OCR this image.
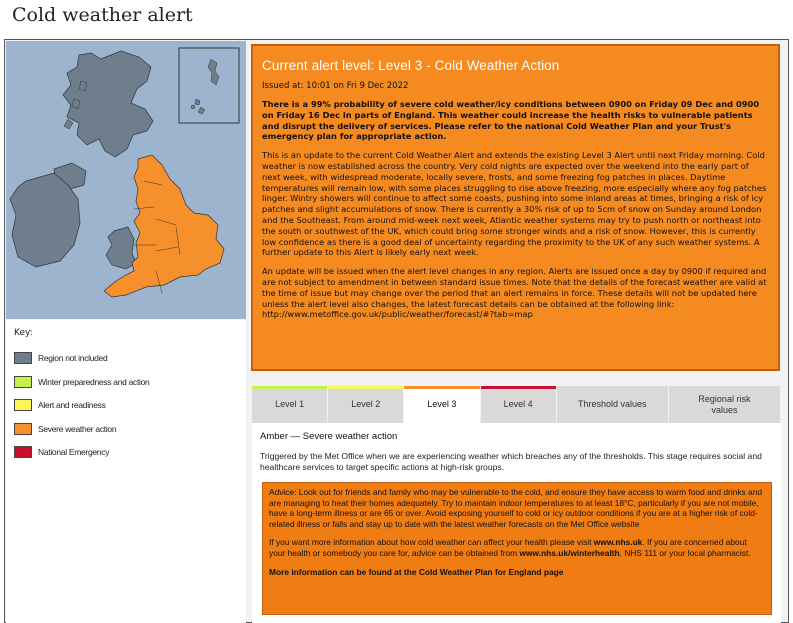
Cold weather alert
Key:
Region not included
Winter preparedness and action
Alert and readiness
Severe weather action
National Emergency
Current alert level: Level 3 - Cold Weather Action
Issued at: 10:01 on Fri 9 Dec 2022
There is a 99% probability of severe cold weather/icy conditions between 0900 on Friday 09 Dec and 0900 on Friday 16 Dec in parts of England. This weather could increase the health risks to vulnerable patients and disrupt the delivery of services. Please refer to the national Cold Weather Plan and your Trust's emergency plan for appropriate action.
This is an update to the current Cold Weather Alert and extends the existing Level 3 Alert until next Friday morning. Cold weather is now established across the country. Very cold nights are expected over the weekend into the early part of next week, with widespread moderate, locally severe, frosts, and some freezing fog patches in places. Daytime temperatures will remain low, with some places struggling to rise above freezing, more especially where any fog patches linger. Wintry showers will continue to affect some coasts, pushing into some inland areas at times, bringing a risk of icy patches and slight accumulations of snow. There is currently a 30% risk of up to 5cm of snow on Sunday around London and the Southeast. From around mid-week next week, Atlantic weather systems may try to push north or northeast into the south or southwest of the UK, which could bring some stronger winds and a risk of snow. However, this is currently low confidence as there is a good deal of uncertainty regarding the proximity to the UK of any such weather systems. A further update to this Alert is likely early next week.
An update will be issued when the alert level changes in any region. Alerts are issued once a day by 0900 if required and are not subject to amendment in between standard issue times. Note that the details of the forecast weather are valid at the time of issue but may change over the period that an alert remains in force. These details will not be updated here unless the alert level also changes, the latest forecast details can be obtained at the following link: http://www.metoffice.gov.uk/public/weather/forecast/#?tab=map
Level 1	Level 2	Level 3	Level 4	Threshold values
Regional risk values
Amber — Severe weather action
Triggered by the Met Office when we are experiencing weather which breaches any of the thresholds. This stage requires social and healthcare services to target specific actions at high-risk groups.

Advice: Look out for friends and family who may be vulnerable to the cold, and ensure they have access to warm food and drinks and are managing to heat their homes adequately. Try to maintain indoor temperatures to at least 18°C, particularly if you are not mobile, have a long-term illness or are 65 or over. Avoid exposing yourself to cold or icy outdoor conditions if you are at a higher risk of cold-related illness or falls and stay up to date with the latest weather forecasts on the Met Office website

If you want more information about how cold weather can affect your health please visit www.nhs.uk. If you are concerned about your health or somebody you care for, advice can be obtained from www.nhs.uk/winterhealth, NHS 111 or your local pharmacist.

More information can be found at the Cold Weather Plan for England page
